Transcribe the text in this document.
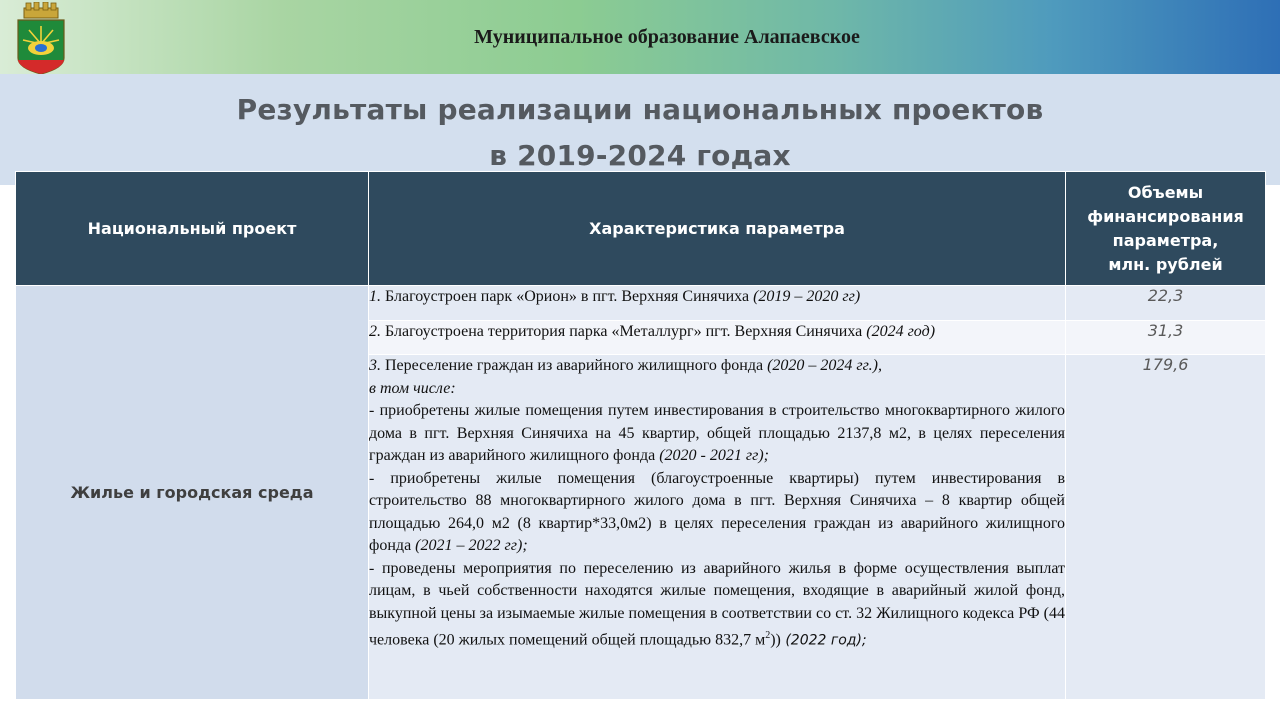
Муниципальное образование Алапаевское
Результаты реализации национальных проектов
в 2019-2024 годах
Национальный проект	Характеристика параметра	Объемы
финансирования
параметра,
млн. рублей

Жилье и городская среда	1. Благоустроен парк «Орион» в пгт. Верхняя Синячиха (2019 – 2020 гг)	22,3
	2. Благоустроена территория парка «Металлург» пгт. Верхняя Синячиха (2024 год)	31,3

	3. Переселение граждан из аварийного жилищного фонда (2020 – 2024 гг.),
в том числе:
- приобретены жилые помещения путем инвестирования в строительство многоквартирного жилого дома в пгт. Верхняя Синячиха на 45 квартир, общей площадью 2137,8 м2, в целях переселения граждан из аварийного жилищного фонда (2020 - 2021 гг);
- приобретены жилые помещения (благоустроенные квартиры) путем инвестирования в строительство 88 многоквартирного жилого дома в пгт. Верхняя Синячиха – 8 квартир общей площадью 264,0 м2 (8 квартир*33,0м2) в целях переселения граждан из аварийного жилищного фонда (2021 – 2022 гг);
- проведены мероприятия по переселению из аварийного жилья в форме осуществления выплат лицам, в чьей собственности находятся жилые помещения, входящие в аварийный жилой фонд, выкупной цены за изымаемые жилые помещения в соответствии со ст. 32 Жилищного кодекса РФ (44 человека (20 жилых помещений общей площадью 832,7 $м^2$)) (2022 год);	179,6
